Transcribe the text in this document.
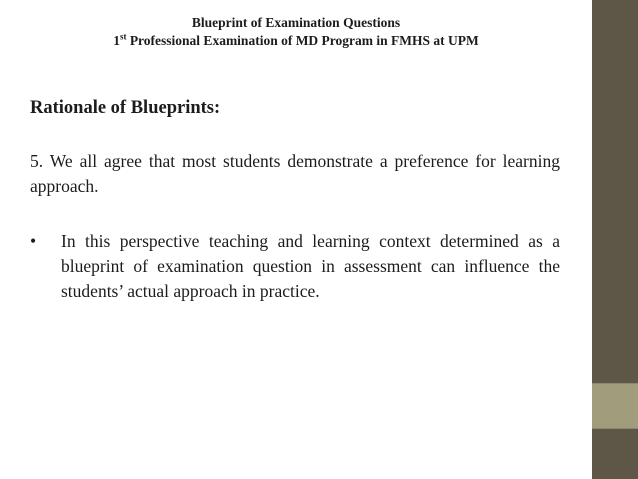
Blueprint of Examination Questions
1st Professional Examination of MD Program in FMHS at UPM
Rationale of Blueprints:
5. We all agree that most students demonstrate a preference for learning approach.
• In this perspective teaching and learning context determined as a blueprint of examination question in assessment can influence the students’ actual approach in practice.
